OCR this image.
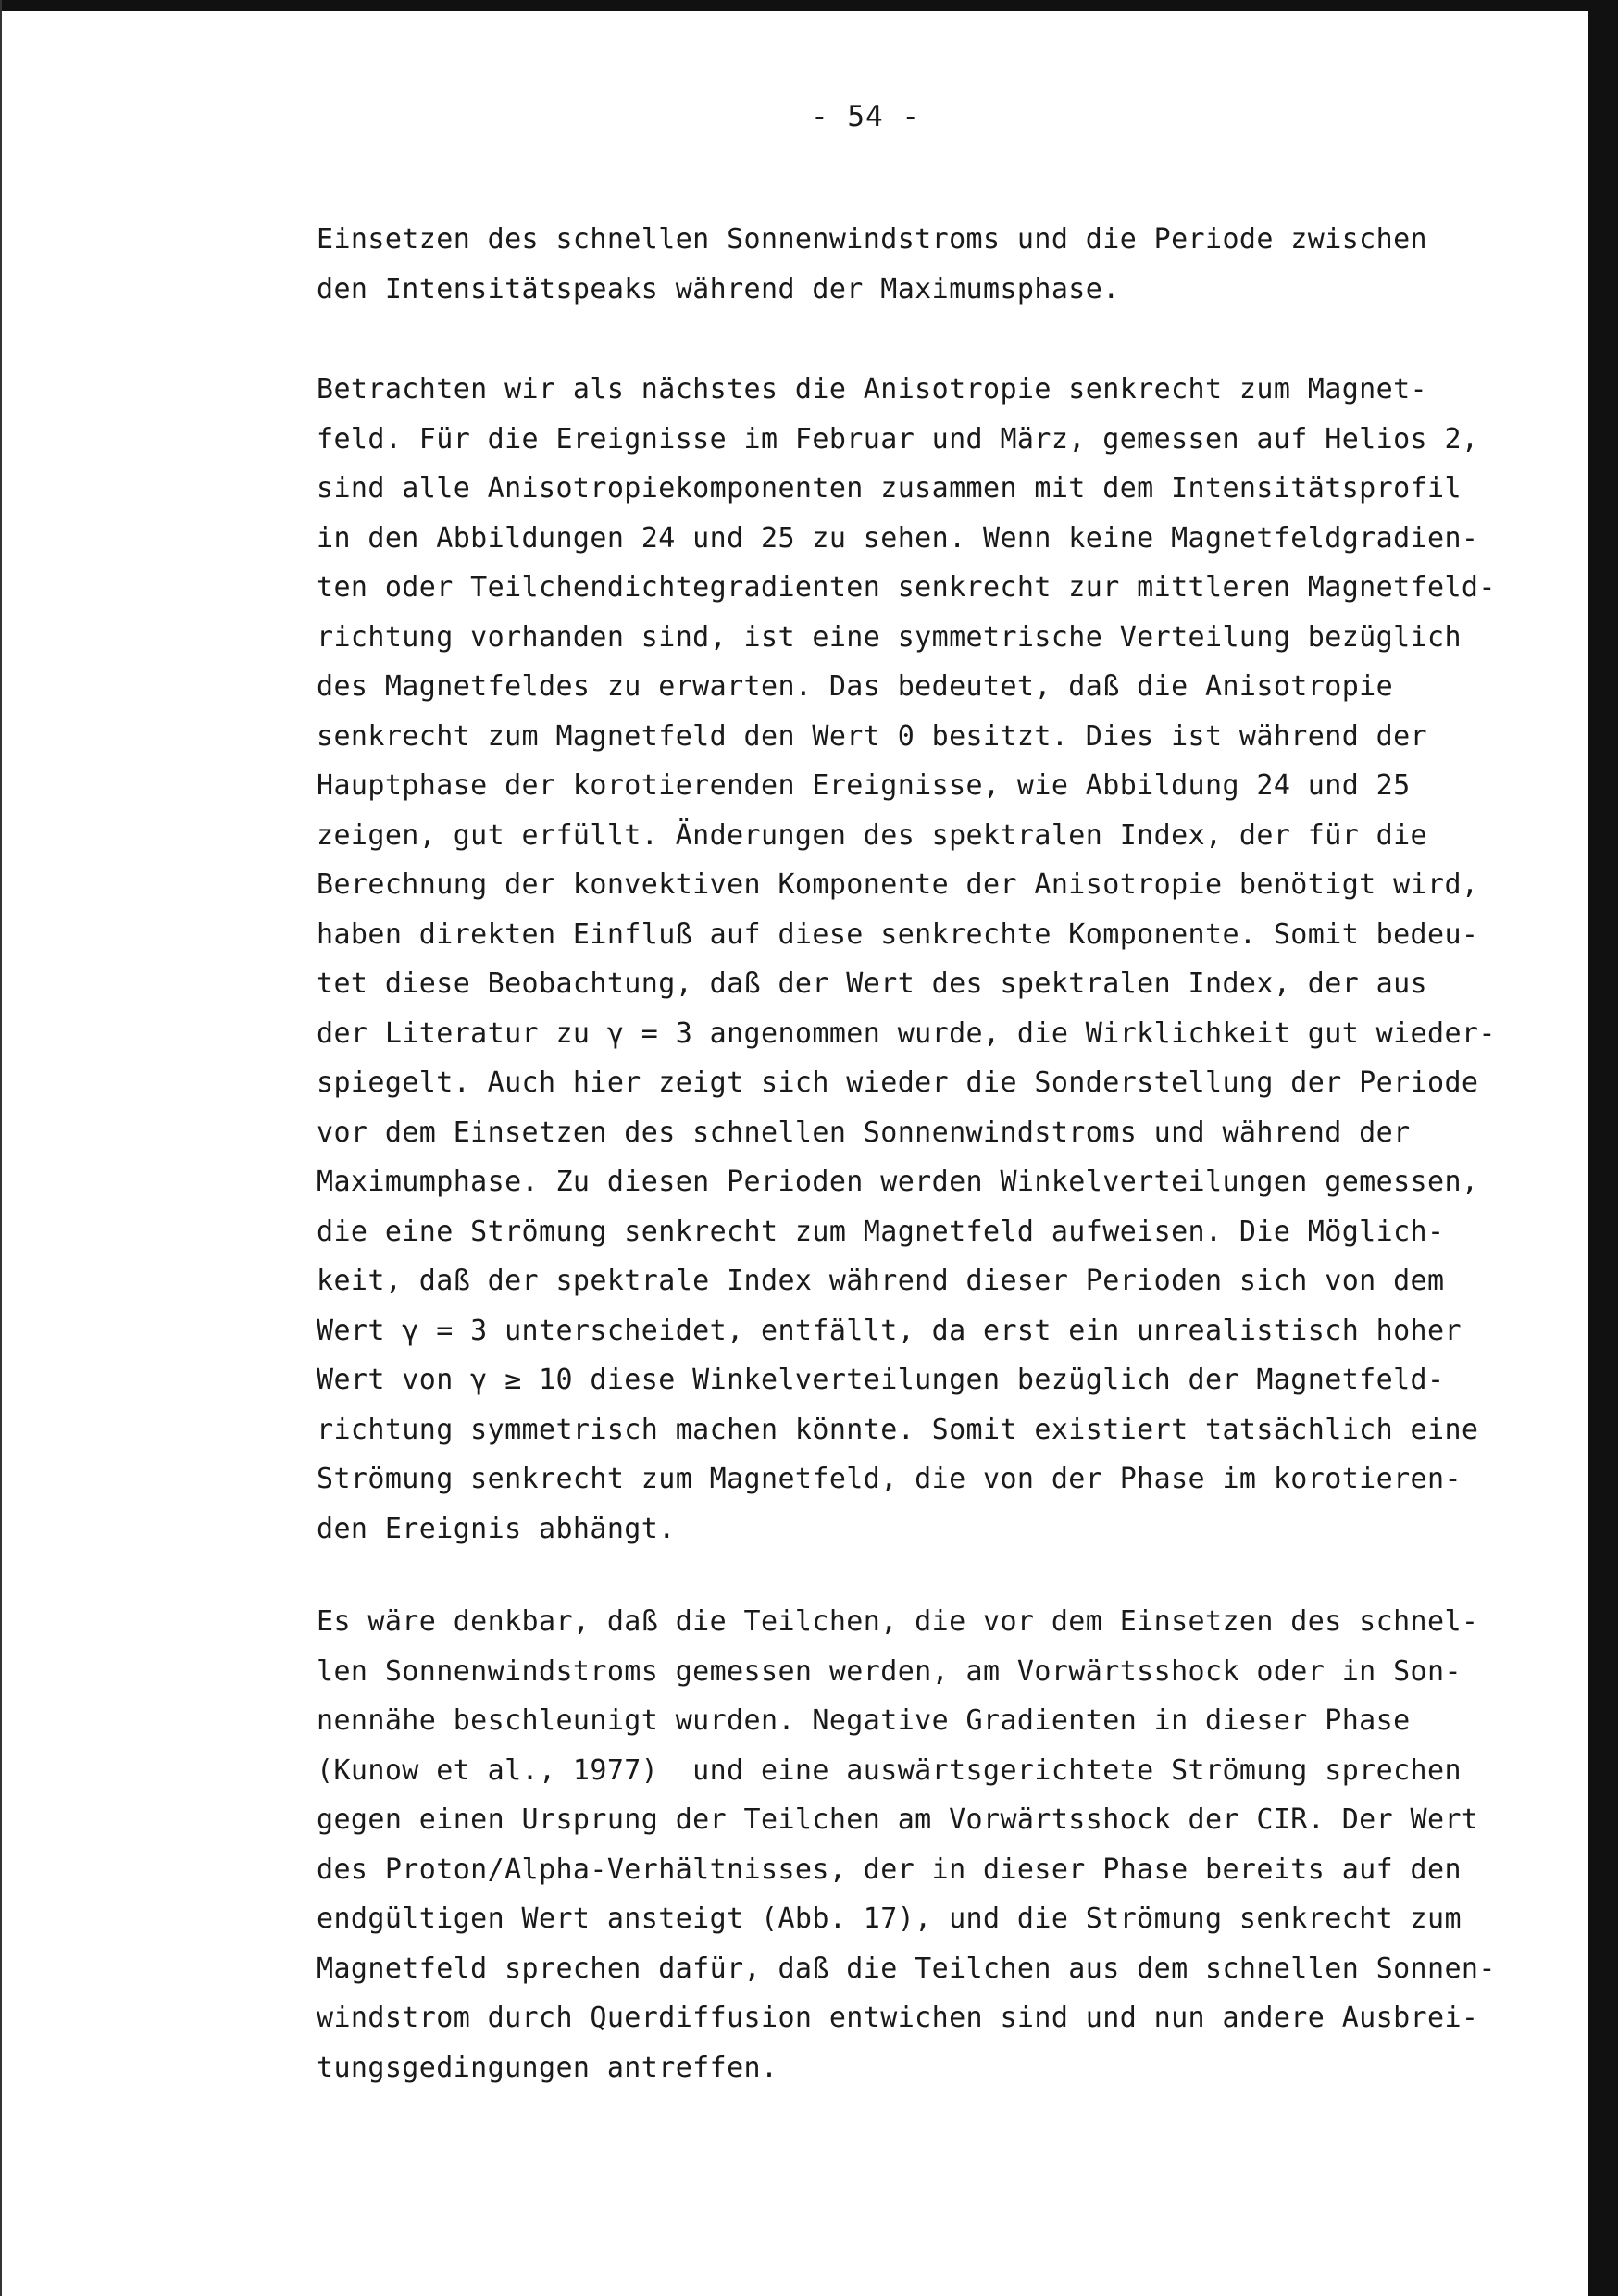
- 54 -

Einsetzen des schnellen Sonnenwindstroms und die Periode zwischen
den Intensitätspeaks während der Maximumsphase.

Betrachten wir als nächstes die Anisotropie senkrecht zum Magnet-
feld. Für die Ereignisse im Februar und März, gemessen auf Helios 2,
sind alle Anisotropiekomponenten zusammen mit dem Intensitätsprofil
in den Abbildungen 24 und 25 zu sehen. Wenn keine Magnetfeldgradien-
ten oder Teilchendichtegradienten senkrecht zur mittleren Magnetfeld-
richtung vorhanden sind, ist eine symmetrische Verteilung bezüglich
des Magnetfeldes zu erwarten. Das bedeutet, daß die Anisotropie
senkrecht zum Magnetfeld den Wert 0 besitzt. Dies ist während der
Hauptphase der korotierenden Ereignisse, wie Abbildung 24 und 25
zeigen, gut erfüllt. Änderungen des spektralen Index, der für die
Berechnung der konvektiven Komponente der Anisotropie benötigt wird,
haben direkten Einfluß auf diese senkrechte Komponente. Somit bedeu-
tet diese Beobachtung, daß der Wert des spektralen Index, der aus
der Literatur zu γ = 3 angenommen wurde, die Wirklichkeit gut wieder-
spiegelt. Auch hier zeigt sich wieder die Sonderstellung der Periode
vor dem Einsetzen des schnellen Sonnenwindstroms und während der
Maximumphase. Zu diesen Perioden werden Winkelverteilungen gemessen,
die eine Strömung senkrecht zum Magnetfeld aufweisen. Die Möglich-
keit, daß der spektrale Index während dieser Perioden sich von dem
Wert γ = 3 unterscheidet, entfällt, da erst ein unrealistisch hoher
Wert von γ ≥ 10 diese Winkelverteilungen bezüglich der Magnetfeld-
richtung symmetrisch machen könnte. Somit existiert tatsächlich eine
Strömung senkrecht zum Magnetfeld, die von der Phase im korotieren-
den Ereignis abhängt.

Es wäre denkbar, daß die Teilchen, die vor dem Einsetzen des schnel-
len Sonnenwindstroms gemessen werden, am Vorwärtsshock oder in Son-
nennähe beschleunigt wurden. Negative Gradienten in dieser Phase
(Kunow et al., 1977)  und eine auswärtsgerichtete Strömung sprechen
gegen einen Ursprung der Teilchen am Vorwärtsshock der CIR. Der Wert
des Proton/Alpha-Verhältnisses, der in dieser Phase bereits auf den
endgültigen Wert ansteigt (Abb. 17), und die Strömung senkrecht zum
Magnetfeld sprechen dafür, daß die Teilchen aus dem schnellen Sonnen-
windstrom durch Querdiffusion entwichen sind und nun andere Ausbrei-
tungsgedingungen antreffen.
